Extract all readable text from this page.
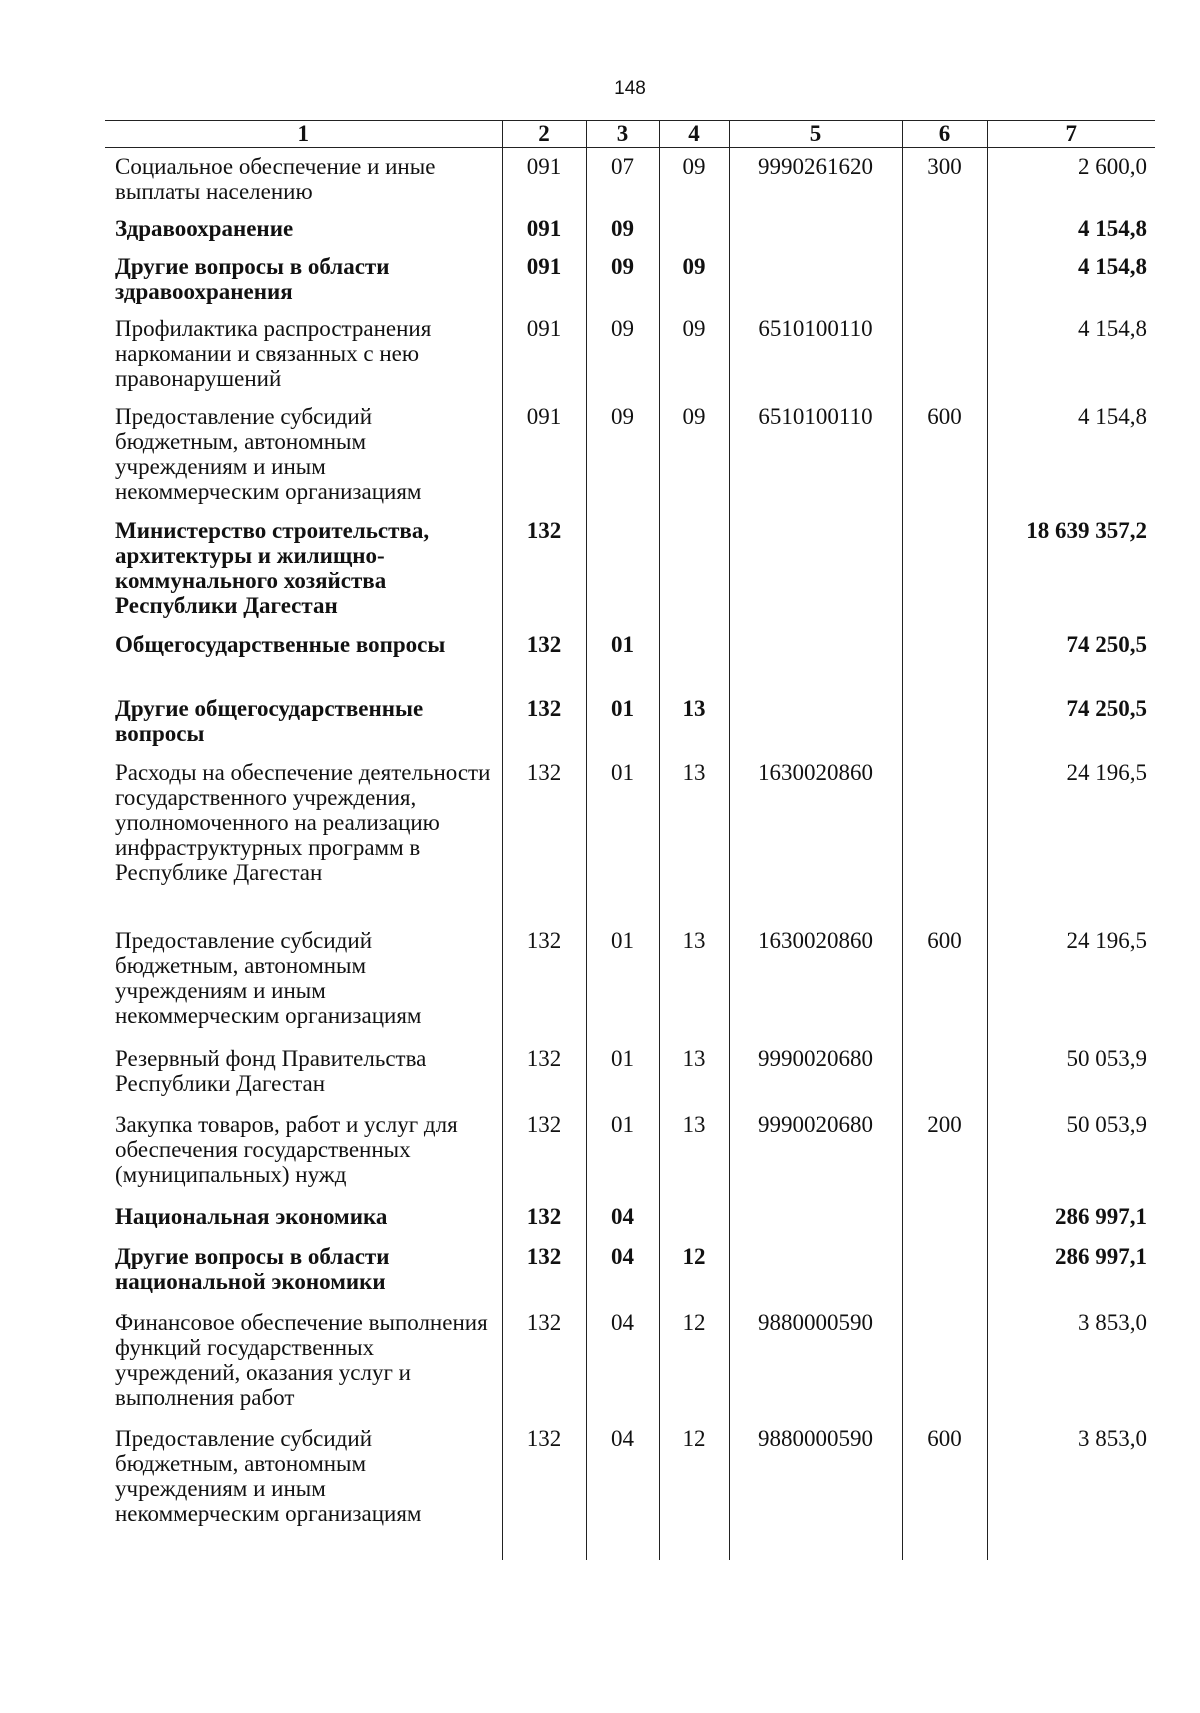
148
1	2	3	4	5	6	7
Социальное обеспечение и иные выплаты населению	091	07	09	9990261620	300	2 600,0
Здравоохранение	091	09				4 154,8
Другие вопросы в области здравоохранения	091	09	09			4 154,8
Профилактика распространения наркомании и связанных с нею правонарушений	091	09	09	6510100110		4 154,8
Предоставление субсидий бюджетным, автономным учреждениям и иным некоммерческим организациям	091	09	09	6510100110	600	4 154,8
Министерство строительства, архитектуры и жилищно-коммунального хозяйства Республики Дагестан	132					18 639 357,2
Общегосударственные вопросы	132	01				74 250,5
Другие общегосударственные вопросы	132	01	13			74 250,5
Расходы на обеспечение деятельности государственного учреждения, уполномоченного на реализацию инфраструктурных программ в Республике Дагестан	132	01	13	1630020860		24 196,5
Предоставление субсидий бюджетным, автономным учреждениям и иным некоммерческим организациям	132	01	13	1630020860	600	24 196,5
Резервный фонд Правительства Республики Дагестан	132	01	13	9990020680		50 053,9
Закупка товаров, работ и услуг для обеспечения государственных (муниципальных) нужд	132	01	13	9990020680	200	50 053,9
Национальная экономика	132	04				286 997,1
Другие вопросы в области национальной экономики	132	04	12			286 997,1
Финансовое обеспечение выполнения функций государственных учреждений, оказания услуг и выполнения работ	132	04	12	9880000590		3 853,0
Предоставление субсидий бюджетным, автономным учреждениям и иным некоммерческим организациям	132	04	12	9880000590	600	3 853,0
